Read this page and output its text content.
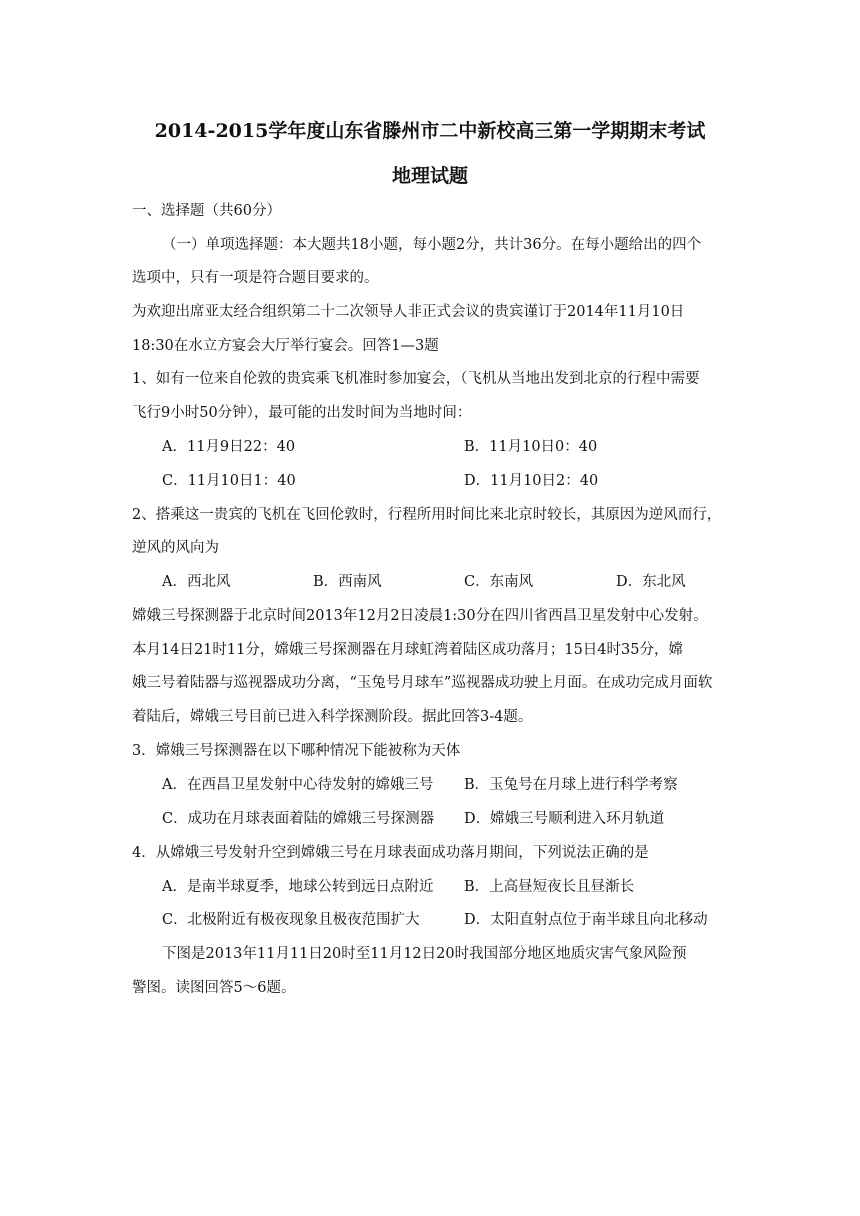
2014-2015学年度山东省滕州市二中新校高三第一学期期末考试
地理试题
一、选择题（共60分）
（一）单项选择题：本大题共18小题，每小题2分，共计36分。在每小题给出的四个
选项中，只有一项是符合题目要求的。
为欢迎出席亚太经合组织第二十二次领导人非正式会议的贵宾谨订于2014年11月10日
18:30在水立方宴会大厅举行宴会。回答1—3题
1、如有一位来自伦敦的贵宾乘飞机准时参加宴会，（飞机从当地出发到北京的行程中需要
飞行9小时50分钟），最可能的出发时间为当地时间：
A．11月9日22：40	B．11月10日0：40
C．11月10日1：40	D．11月10日2：40
2、搭乘这一贵宾的飞机在飞回伦敦时，行程所用时间比来北京时较长，其原因为逆风而行，
逆风的风向为
A．西北风	B．西南风	C．东南风	D．东北风
嫦娥三号探测器于北京时间2013年12月2日凌晨1:30分在四川省西昌卫星发射中心发射。
本月14日21时11分，嫦娥三号探测器在月球虹湾着陆区成功落月；15日4时35分，嫦
娥三号着陆器与巡视器成功分离，“玉兔号月球车”巡视器成功驶上月面。在成功完成月面软
着陆后，嫦娥三号目前已进入科学探测阶段。据此回答3-4题。
3．嫦娥三号探测器在以下哪种情况下能被称为天体
A．在西昌卫星发射中心待发射的嫦娥三号 B．玉兔号在月球上进行科学考察
C．成功在月球表面着陆的嫦娥三号探测器 D．嫦娥三号顺利进入环月轨道
4．从嫦娥三号发射升空到嫦娥三号在月球表面成功落月期间，下列说法正确的是
A．是南半球夏季，地球公转到远日点附近 B．上高昼短夜长且昼渐长
C．北极附近有极夜现象且极夜范围扩大	D．太阳直射点位于南半球且向北移动
下图是2013年11月11日20时至11月12日20时我国部分地区地质灾害气象风险预
警图。读图回答5～6题。
